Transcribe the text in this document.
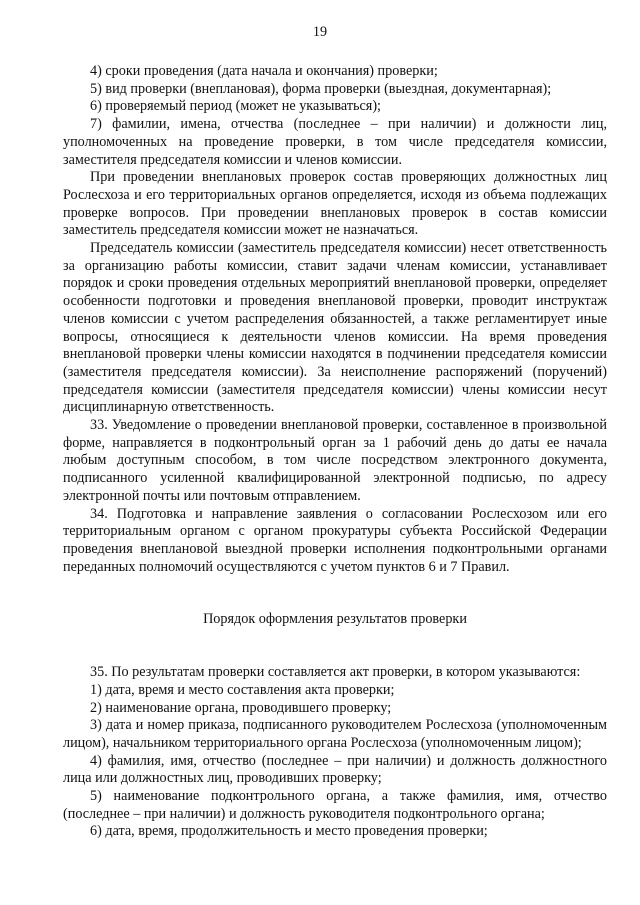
19

4) сроки проведения (дата начала и окончания) проверки;

5) вид проверки (внеплановая), форма проверки (выездная, документарная);

6) проверяемый период (может не указываться);

7) фамилии, имена, отчества (последнее – при наличии) и должности лиц, уполномоченных на проведение проверки, в том числе председателя комиссии, заместителя председателя комиссии и членов комиссии.

При проведении внеплановых проверок состав проверяющих должностных лиц Рослесхоза и его территориальных органов определяется, исходя из объема подлежащих проверке вопросов. При проведении внеплановых проверок в состав комиссии заместитель председателя комиссии может не назначаться.

Председатель комиссии (заместитель председателя комиссии) несет ответственность за организацию работы комиссии, ставит задачи членам комиссии, устанавливает порядок и сроки проведения отдельных мероприятий внеплановой проверки, определяет особенности подготовки и проведения внеплановой проверки, проводит инструктаж членов комиссии с учетом распределения обязанностей, а также регламентирует иные вопросы, относящиеся к деятельности членов комиссии. На время проведения внеплановой проверки члены комиссии находятся в подчинении председателя комиссии (заместителя председателя комиссии). За неисполнение распоряжений (поручений) председателя комиссии (заместителя председателя комиссии) члены комиссии несут дисциплинарную ответственность.

33. Уведомление о проведении внеплановой проверки, составленное в произвольной форме, направляется в подконтрольный орган за 1 рабочий день до даты ее начала любым доступным способом, в том числе посредством электронного документа, подписанного усиленной квалифицированной электронной подписью, по адресу электронной почты или почтовым отправлением.

34. Подготовка и направление заявления о согласовании Рослесхозом или его территориальным органом с органом прокуратуры субъекта Российской Федерации проведения внеплановой выездной проверки исполнения подконтрольными органами переданных полномочий осуществляются с учетом пунктов 6 и 7 Правил.

Порядок оформления результатов проверки

35. По результатам проверки составляется акт проверки, в котором указываются:

1) дата, время и место составления акта проверки;

2) наименование органа, проводившего проверку;

3) дата и номер приказа, подписанного руководителем Рослесхоза (уполномоченным лицом), начальником территориального органа Рослесхоза (уполномоченным лицом);

4) фамилия, имя, отчество (последнее – при наличии) и должность должностного лица или должностных лиц, проводивших проверку;

5) наименование подконтрольного органа, а также фамилия, имя, отчество (последнее – при наличии) и должность руководителя подконтрольного органа;

6) дата, время, продолжительность и место проведения проверки;
